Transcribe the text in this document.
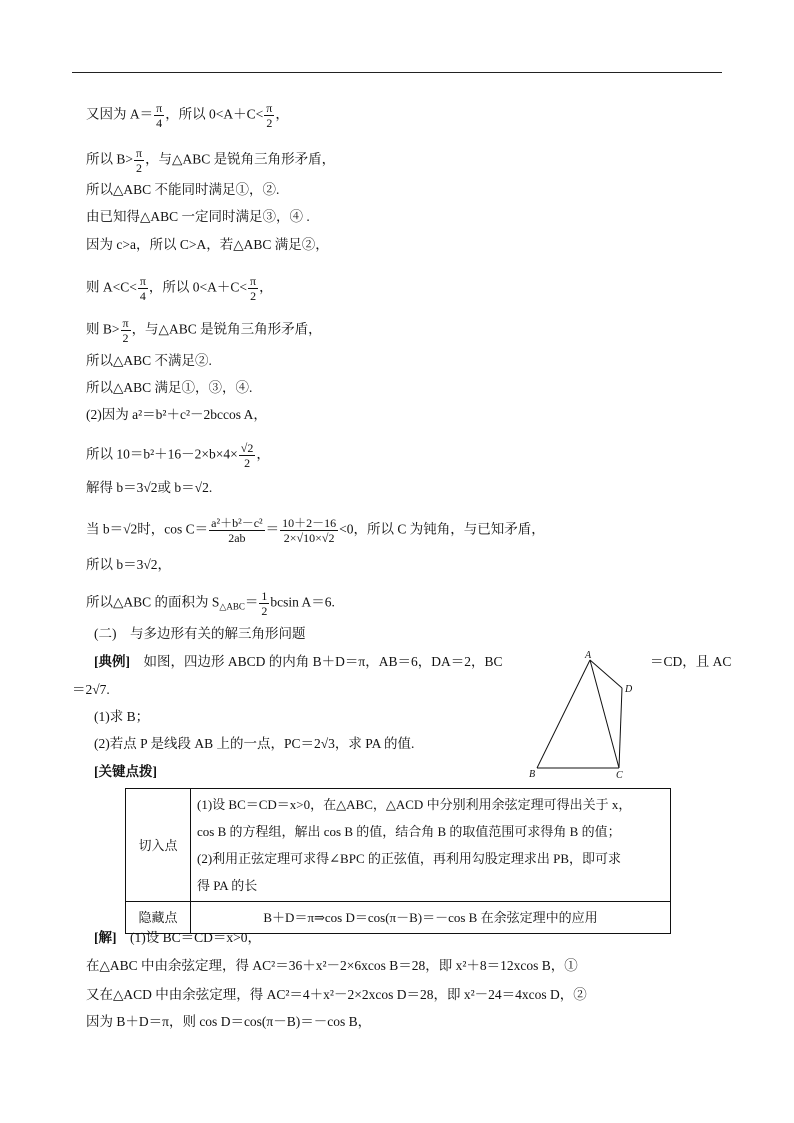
又因为 $A= \frac{\pi}{4}$ ，所以 $0<A+C< \frac{\pi}{2}$ ，
所以 $B> \frac{\pi}{2}$ ，与△ABC 是锐角三角形矛盾，
所以△ABC 不能同时满足①，②.
由已知得△ABC 一定同时满足③，④ .
因为 c>a，所以 C>A，若△ABC 满足②，
则 $A<C< \frac{\pi}{4}$ ，所以 $0<A+C< \frac{\pi}{2}$ ，
则 $B> \frac{\pi}{2}$ ，与△ABC 是锐角三角形矛盾，
所以△ABC 不满足②.
所以△ABC 满足①，③，④.
(2)因为 a²＝b²＋c²－2bccos A，
所以 $10=b^2+16-2\times b\times 4\times \frac{√2}{2}$ ，
解得 b＝3√2或 b＝√2.
当 b＝√2时，$\cos C= \frac{\text{a²＋b²－c²}}{2ab} = \frac{10+2-16}{2\times√10\times√2} <0$，所以 C 为钝角，与已知矛盾，
所以 b＝3√2，
所以△ABC 的面积为 $S_{\triangle ABC}= \frac{1}{2}$ bcsin A＝6.
(二)　与多边形有关的解三角形问题
[典例]　如图，四边形 ABCD 的内角 B＋D＝π，AB＝6，DA＝2，BC	＝CD，且 AC
＝2√7.
(1)求 B；
(2)若点 P 是线段 AB 上的一点，PC＝2√3，求 PA 的值.
[关键点拨]
A
B	C
D
切入点	(1)设 BC＝CD＝x>0，在△ABC，△ACD 中分别利用余弦定理可得出关于 x，
cos B 的方程组，解出 cos B 的值，结合角 B 的取值范围可求得角 B 的值；
(2)利用正弦定理可求得∠BPC 的正弦值，再利用勾股定理求出 PB，即可求
得 PA 的长

隐藏点	B＋D＝π⇒cos D＝cos(π－B)＝－cos B 在余弦定理中的应用
[解]　(1)设 BC＝CD＝x>0，
在△ABC 中由余弦定理，得 AC²＝36＋x²－2×6xcos B＝28，即 x²＋8＝12xcos B，①
又在△ACD 中由余弦定理，得 AC²＝4＋x²－2×2xcos D＝28，即 x²－24＝4xcos D，②
因为 B＋D＝π，则 cos D＝cos(π－B)＝－cos B，
